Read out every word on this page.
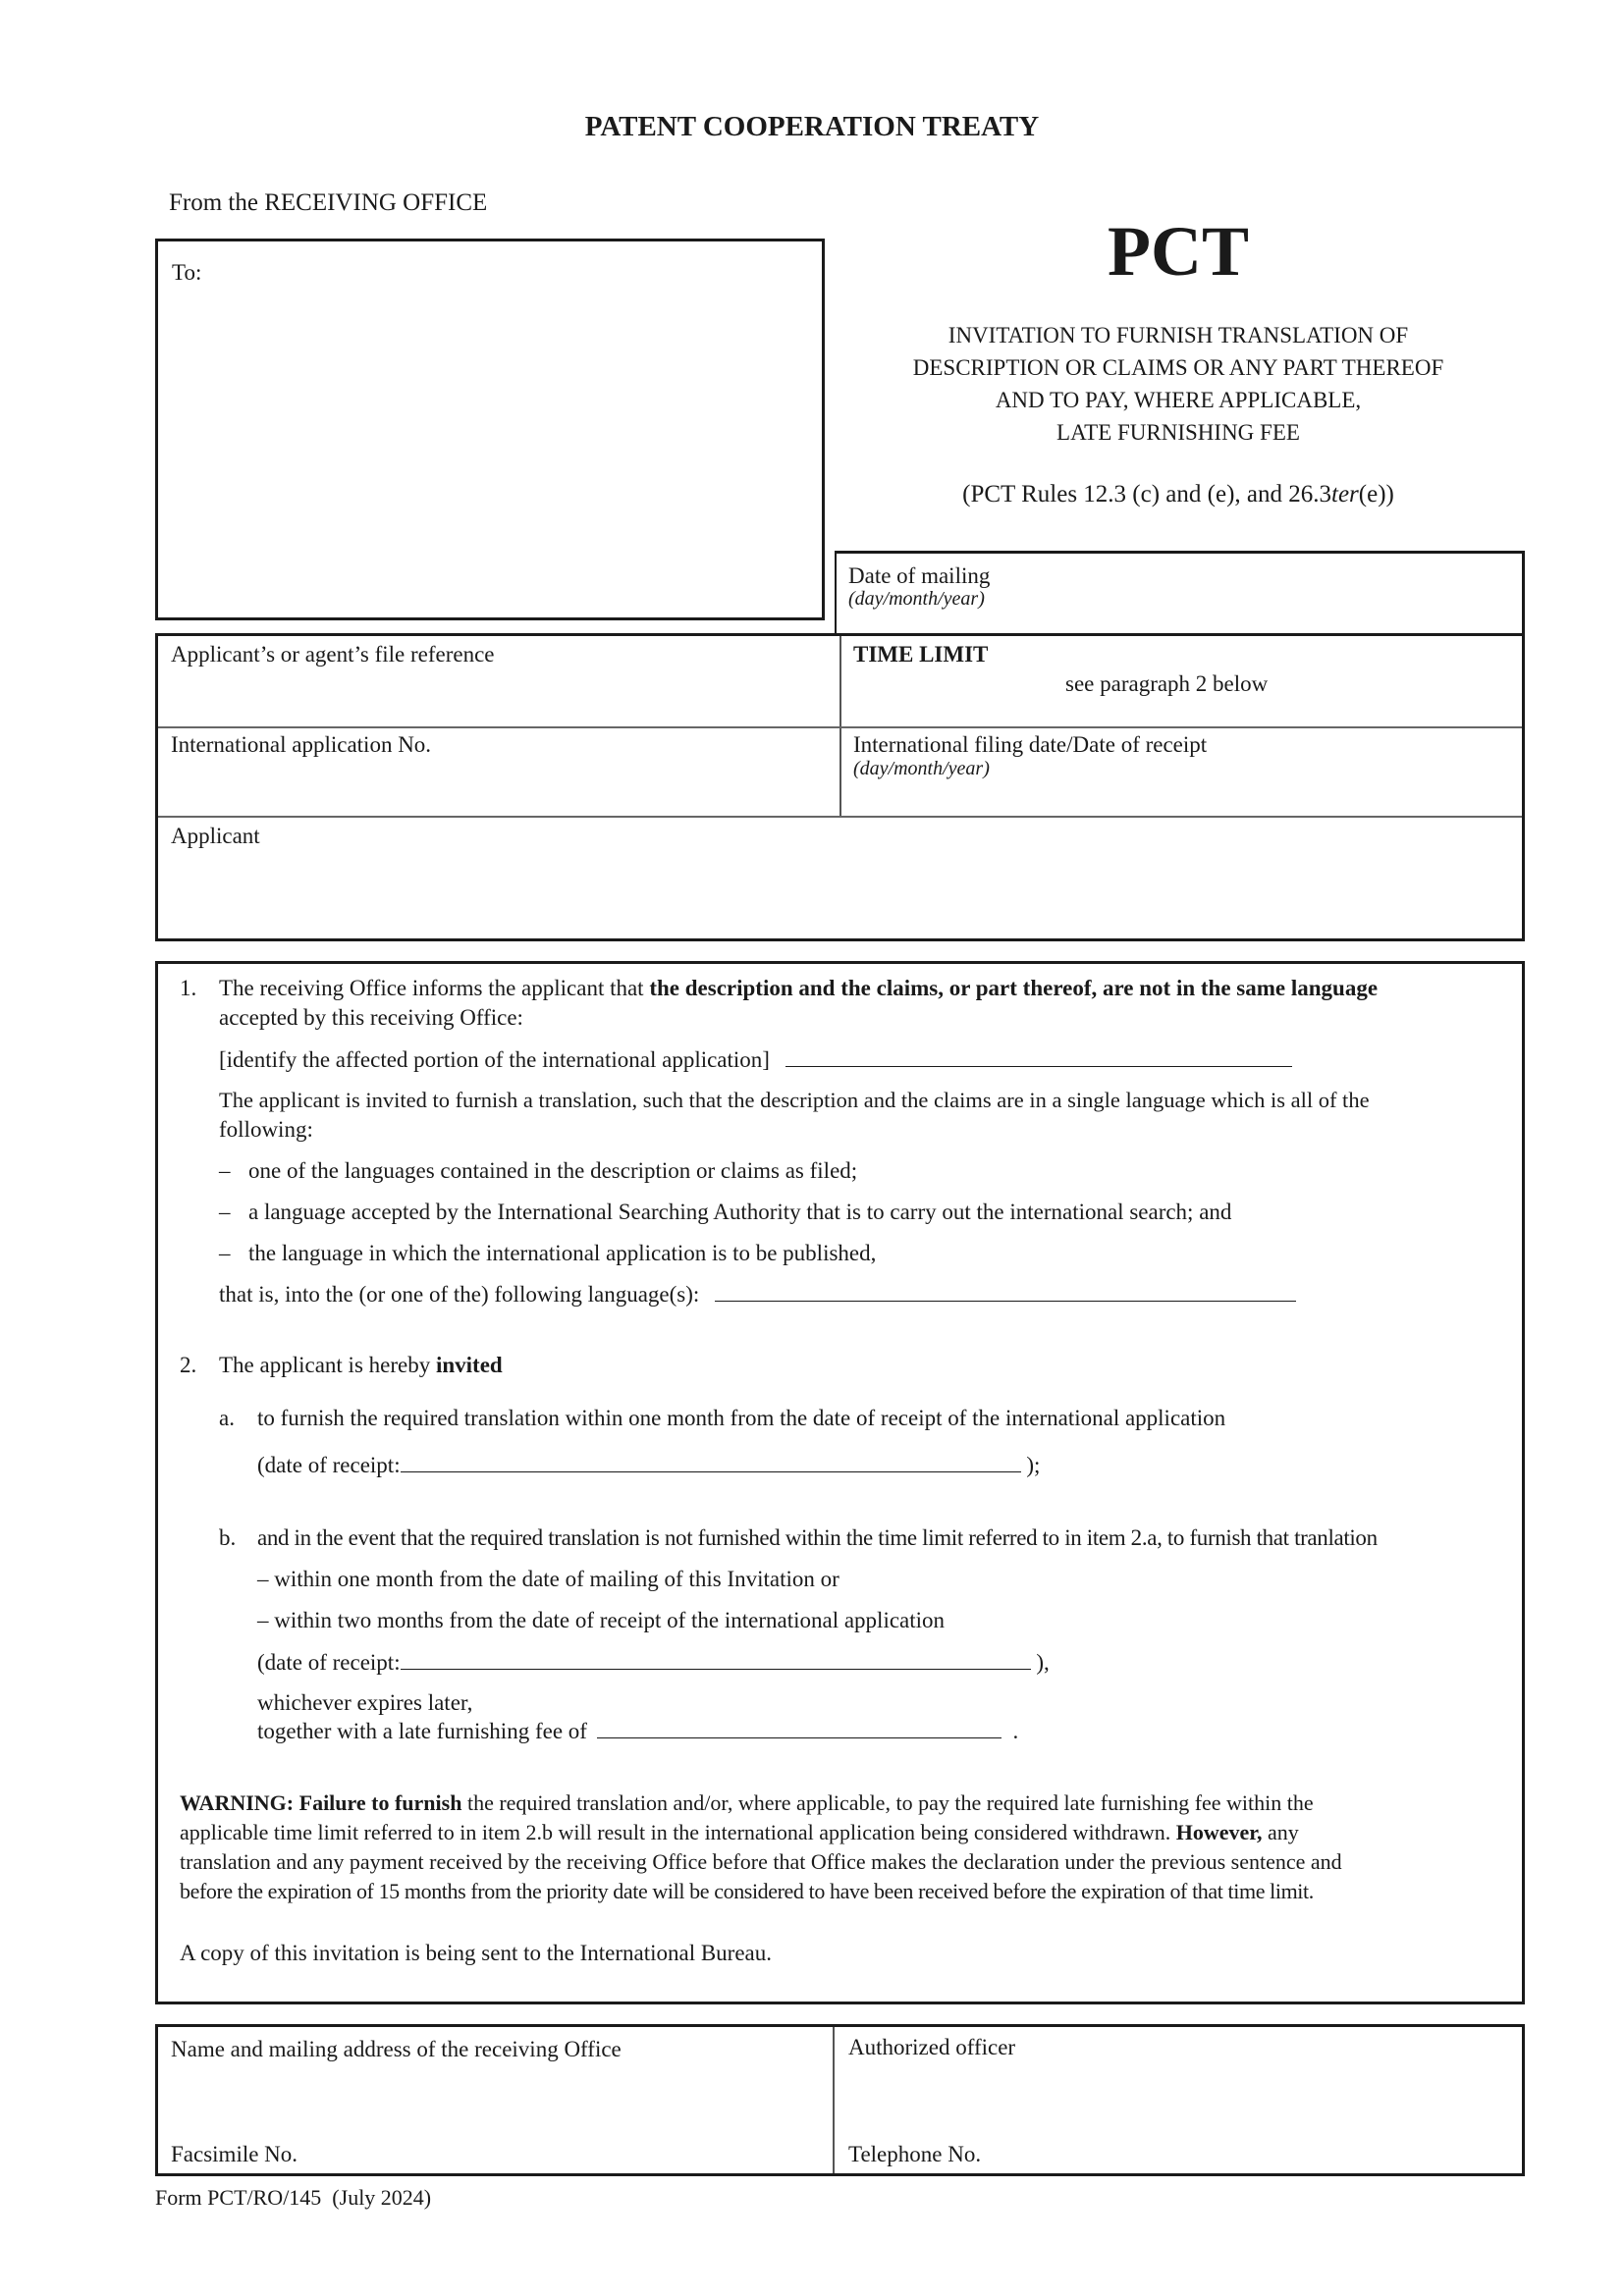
PATENT COOPERATION TREATY
From the RECEIVING OFFICE
PCT
INVITATION TO FURNISH TRANSLATION OF
DESCRIPTION OR CLAIMS OR ANY PART THEREOF
AND TO PAY, WHERE APPLICABLE,
LATE FURNISHING FEE
(PCT Rules 12.3 (c) and (e), and 26.3ter(e))
To:
Date of mailing
(day/month/year)
Applicant’s or agent’s file reference	TIME LIMIT
see paragraph 2 below
International application No.	International filing date/Date of receipt
(day/month/year)
Applicant
1. The receiving Office informs the applicant that the description and the claims, or part thereof, are not in the same language
accepted by this receiving Office:
[identify the affected portion of the international application]
The applicant is invited to furnish a translation, such that the description and the claims are in a single language which is all of the
following:
– one of the languages contained in the description or claims as filed;
– a language accepted by the International Searching Authority that is to carry out the international search; and
– the language in which the international application is to be published,
that is, into the (or one of the) following language(s):
2. The applicant is hereby invited
a. to furnish the required translation within one month from the date of receipt of the international application
(date of receipt:	);
b. and in the event that the required translation is not furnished within the time limit referred to in item 2.a, to furnish that tranlation
– within one month from the date of mailing of this Invitation or
– within two months from the date of receipt of the international application
(date of receipt:	),
whichever expires later,
together with a late furnishing fee of	.
WARNING: Failure to furnish the required translation and/or, where applicable, to pay the required late furnishing fee within the
applicable time limit referred to in item 2.b will result in the international application being considered withdrawn. However, any
translation and any payment received by the receiving Office before that Office makes the declaration under the previous sentence and
before the expiration of 15 months from the priority date will be considered to have been received before the expiration of that time limit.
A copy of this invitation is being sent to the International Bureau.
Name and mailing address of the receiving Office
Facsimile No.
Authorized officer
Telephone No.
Form PCT/RO/145  (July 2024)
